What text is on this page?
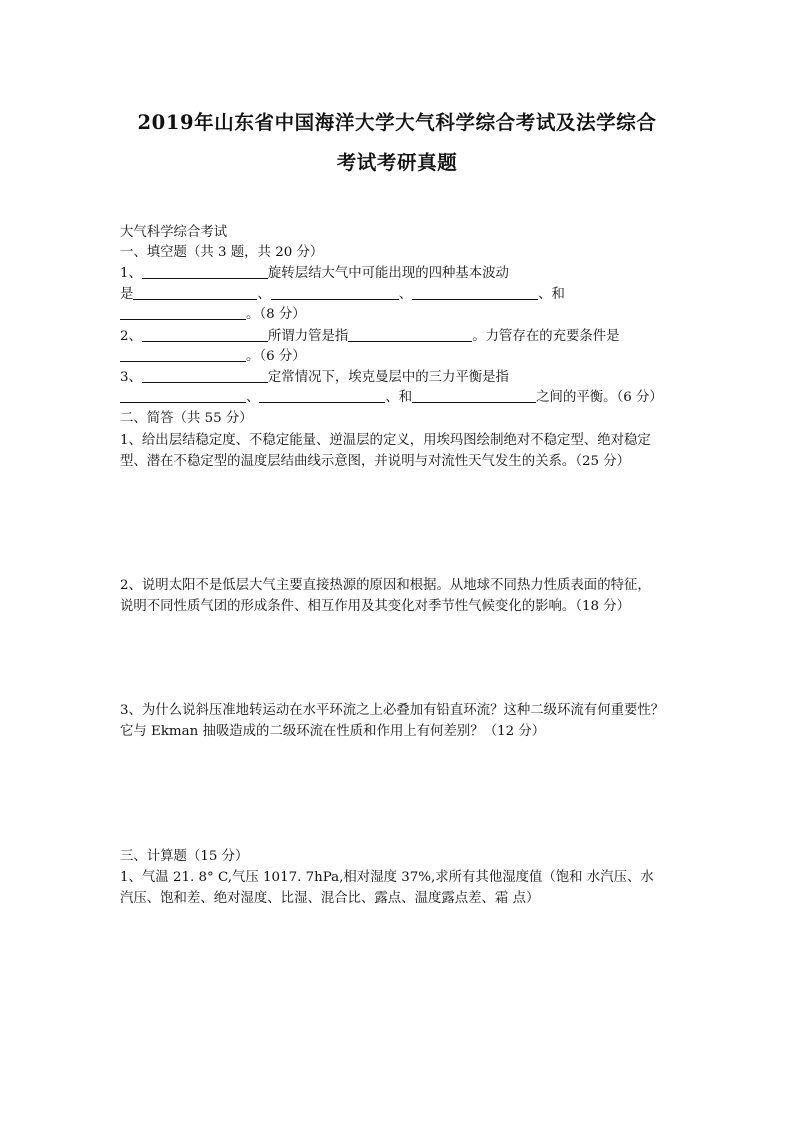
2019年山东省中国海洋大学大气科学综合考试及法学综合
考试考研真题
大气科学综合考试
一、填空题（共 3 题，共 20 分）
1、	旋转层结大气中可能出现的四种基本波动
是	、	、	、和
。（8 分）
2、	所谓力管是指	。力管存在的充要条件是
。（6 分）
3、	定常情况下，埃克曼层中的三力平衡是指
、	、和	之间的平衡。（6 分）
二、简答（共 55 分）
1、给出层结稳定度、不稳定能量、逆温层的定义，用埃玛图绘制绝对不稳定型、绝对稳定
型、潜在不稳定型的温度层结曲线示意图，并说明与对流性天气发生的关系。（25 分）
2、说明太阳不是低层大气主要直接热源的原因和根据。从地球不同热力性质表面的特征，
说明不同性质气团的形成条件、相互作用及其变化对季节性气候变化的影响。（18 分）
3、为什么说斜压准地转运动在水平环流之上必叠加有铅直环流？这种二级环流有何重要性？
它与 Ekman 抽吸造成的二级环流在性质和作用上有何差别？（12 分）
三、计算题（15 分）
1、气温 21. 8° C,气压 1017. 7hPa,相对湿度 37%,求所有其他湿度值（饱和 水汽压、水
汽压、饱和差、绝对湿度、比湿、混合比、露点、温度露点差、霜 点）
